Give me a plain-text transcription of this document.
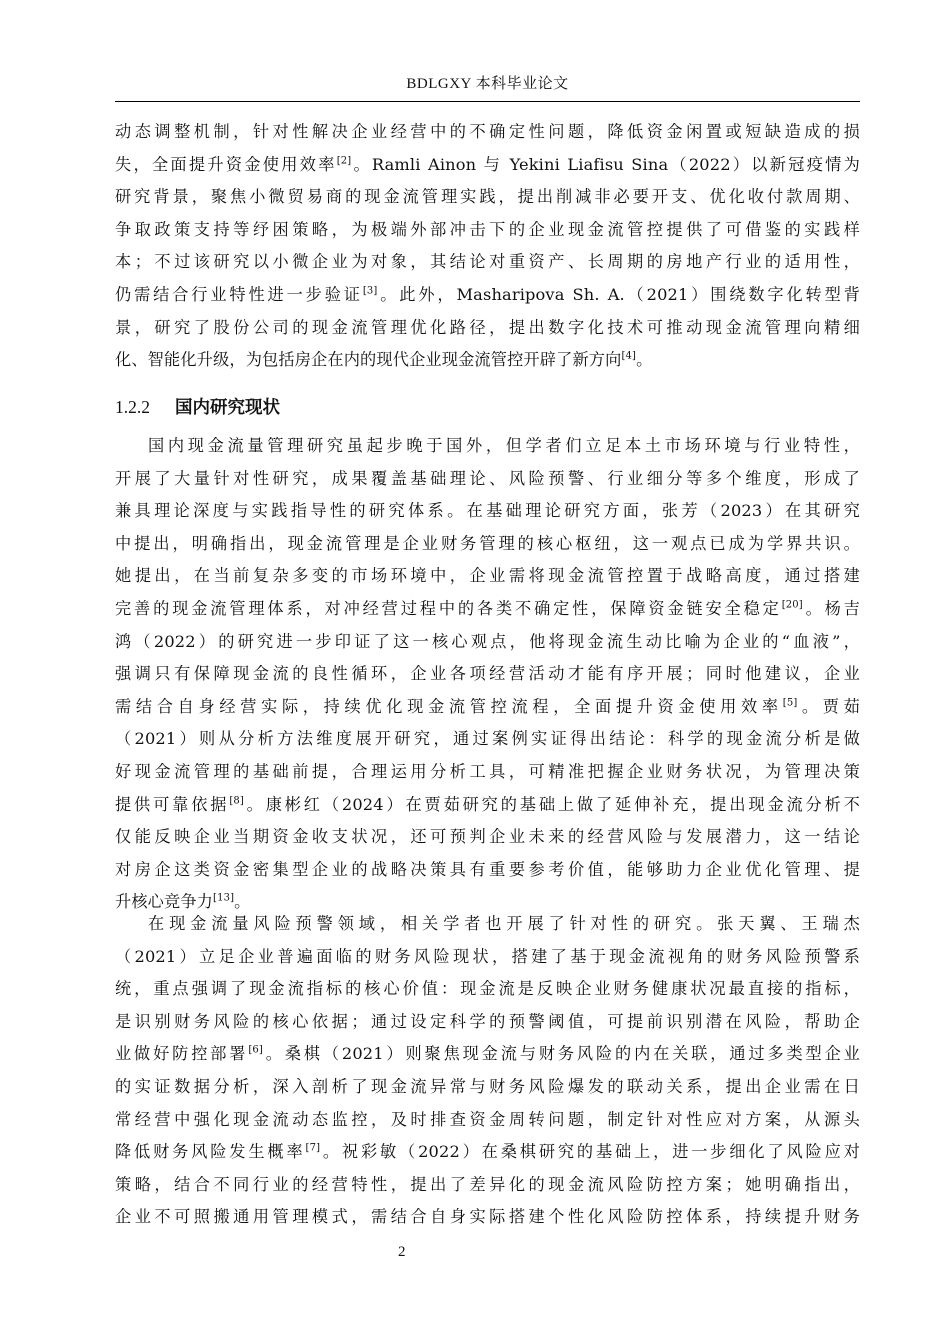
BDLGXY 本科毕业论文
动态调整机制，针对性解决企业经营中的不确定性问题，降低资金闲置或短缺造成的损
失，全面提升资金使用效率[2]。Ramli Ainon 与 Yekini Liafisu Sina（2022）以新冠疫情为
研究背景，聚焦小微贸易商的现金流管理实践，提出削减非必要开支、优化收付款周期、
争取政策支持等纾困策略，为极端外部冲击下的企业现金流管控提供了可借鉴的实践样
本；不过该研究以小微企业为对象，其结论对重资产、长周期的房地产行业的适用性，
仍需结合行业特性进一步验证[3]。此外，Masharipova Sh. A.（2021）围绕数字化转型背
景，研究了股份公司的现金流管理优化路径，提出数字化技术可推动现金流管理向精细
化、智能化升级，为包括房企在内的现代企业现金流管控开辟了新方向[4]。
1.2.2 国内研究现状
国内现金流量管理研究虽起步晚于国外，但学者们立足本土市场环境与行业特性，
开展了大量针对性研究，成果覆盖基础理论、风险预警、行业细分等多个维度，形成了
兼具理论深度与实践指导性的研究体系。在基础理论研究方面，张芳（2023）在其研究
中提出，明确指出，现金流管理是企业财务管理的核心枢纽，这一观点已成为学界共识。
她提出，在当前复杂多变的市场环境中，企业需将现金流管控置于战略高度，通过搭建
完善的现金流管理体系，对冲经营过程中的各类不确定性，保障资金链安全稳定[20]。杨吉
鸿（2022）的研究进一步印证了这一核心观点，他将现金流生动比喻为企业的“血液”，
强调只有保障现金流的良性循环，企业各项经营活动才能有序开展；同时他建议，企业
需结合自身经营实际，持续优化现金流管控流程，全面提升资金使用效率[5]。贾茹
（2021）则从分析方法维度展开研究，通过案例实证得出结论：科学的现金流分析是做
好现金流管理的基础前提，合理运用分析工具，可精准把握企业财务状况，为管理决策
提供可靠依据[8]。康彬红（2024）在贾茹研究的基础上做了延伸补充，提出现金流分析不
仅能反映企业当期资金收支状况，还可预判企业未来的经营风险与发展潜力，这一结论
对房企这类资金密集型企业的战略决策具有重要参考价值，能够助力企业优化管理、提
升核心竞争力[13]。
在现金流量风险预警领域，相关学者也开展了针对性的研究。张天翼、王瑞杰
（2021）立足企业普遍面临的财务风险现状，搭建了基于现金流视角的财务风险预警系
统，重点强调了现金流指标的核心价值：现金流是反映企业财务健康状况最直接的指标，
是识别财务风险的核心依据；通过设定科学的预警阈值，可提前识别潜在风险，帮助企
业做好防控部署[6]。桑棋（2021）则聚焦现金流与财务风险的内在关联，通过多类型企业
的实证数据分析，深入剖析了现金流异常与财务风险爆发的联动关系，提出企业需在日
常经营中强化现金流动态监控，及时排查资金周转问题，制定针对性应对方案，从源头
降低财务风险发生概率[7]。祝彩敏（2022）在桑棋研究的基础上，进一步细化了风险应对
策略，结合不同行业的经营特性，提出了差异化的现金流风险防控方案；她明确指出，
企业不可照搬通用管理模式，需结合自身实际搭建个性化风险防控体系，持续提升财务
2
